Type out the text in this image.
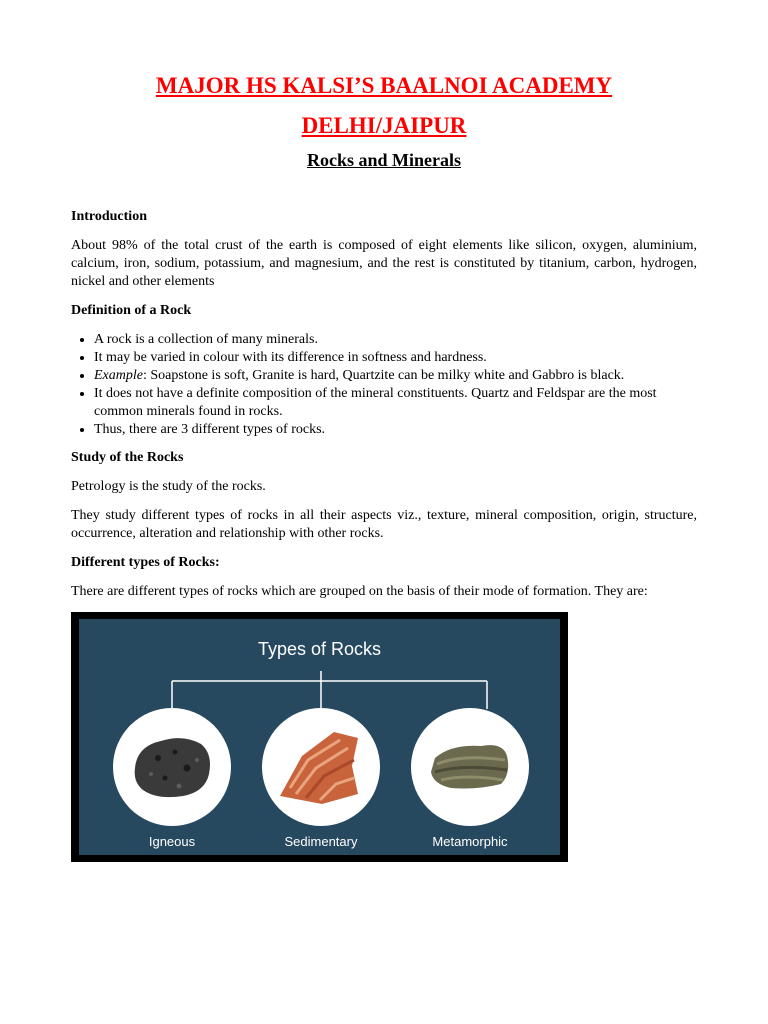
MAJOR HS KALSI’S BAALNOI ACADEMY
DELHI/JAIPUR
Rocks and Minerals
Introduction
About 98% of the total crust of the earth is composed of eight elements like silicon, oxygen, aluminium, calcium, iron, sodium, potassium, and magnesium, and the rest is constituted by titanium, carbon, hydrogen, nickel and other elements
Definition of a Rock
• A rock is a collection of many minerals.
• It may be varied in colour with its difference in softness and hardness.
• Example: Soapstone is soft, Granite is hard, Quartzite can be milky white and Gabbro is black.
• It does not have a definite composition of the mineral constituents. Quartz and Feldspar are the most common minerals found in rocks.
• Thus, there are 3 different types of rocks.
Study of the Rocks
Petrology is the study of the rocks.
They study different types of rocks in all their aspects viz., texture, mineral composition, origin, structure, occurrence, alteration and relationship with other rocks.
Different types of Rocks:
There are different types of rocks which are grouped on the basis of their mode of formation. They are:
Types of Rocks
Igneous	Sedimentary	Metamorphic
